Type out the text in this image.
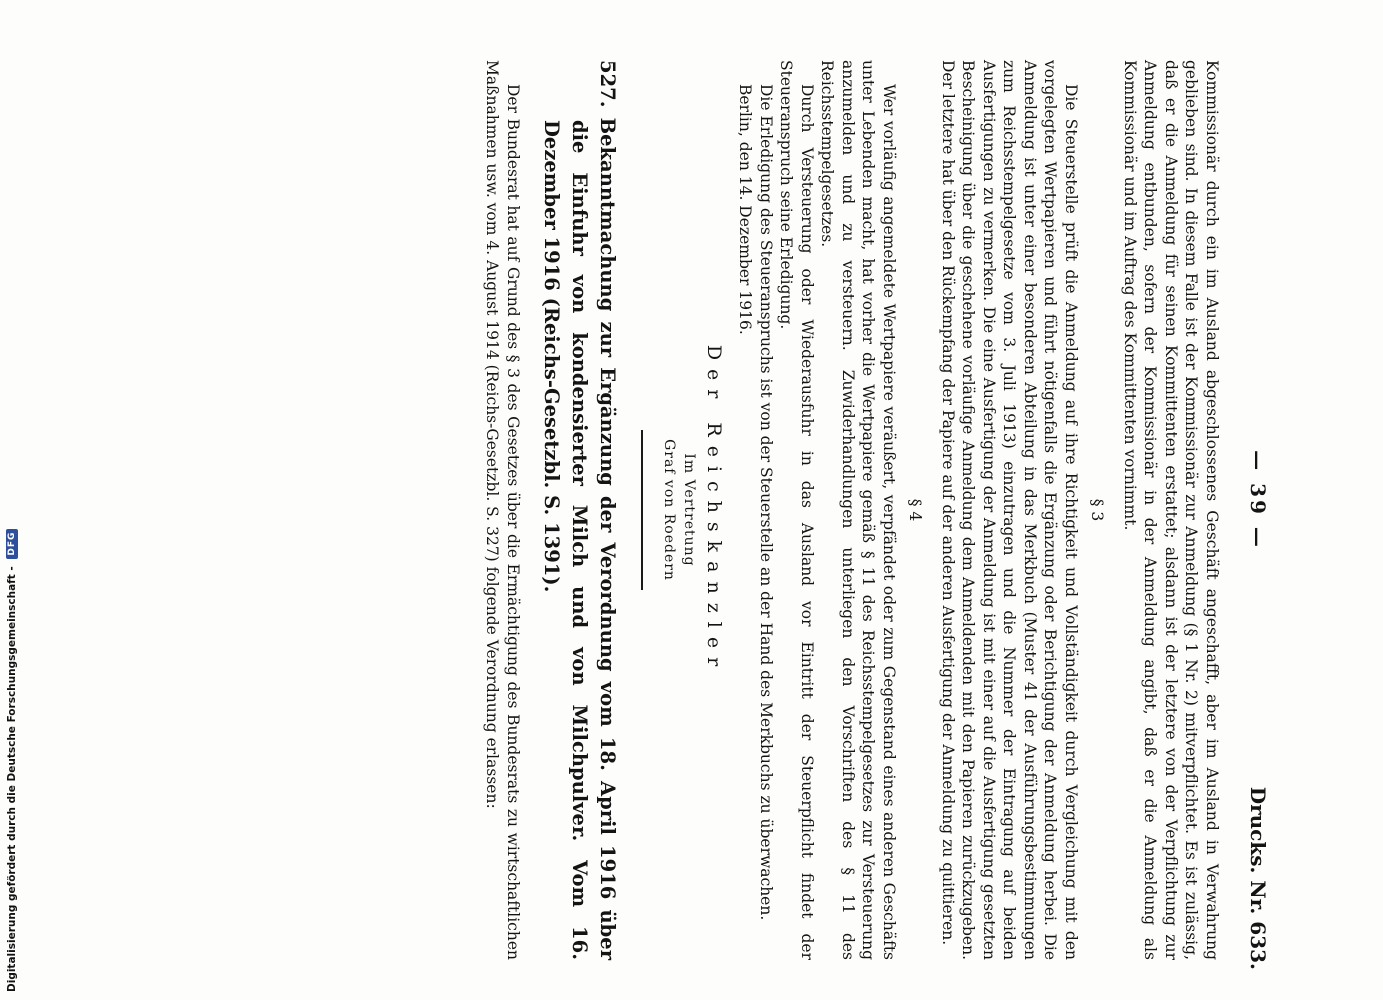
— 39 —
Drucks. Nr. 633.

Kommissionär durch ein im Ausland abgeschlossenes Geschäft angeschafft, aber im Ausland in Verwahrung geblieben sind. In diesem Falle ist der Kommissionär zur Anmeldung (§ 1 Nr. 2) mitverpflichtet. Es ist zulässig, daß er die Anmeldung für seinen Kommittenten erstattet; alsdann ist der letztere von der Verpflichtung zur Anmeldung entbunden, sofern der Kommissionär in der Anmeldung angibt, daß er die Anmeldung als Kommissionär und im Auftrag des Kommittenten vornimmt.

§ 3

Die Steuerstelle prüft die Anmeldung auf ihre Richtigkeit und Vollständigkeit durch Vergleichung mit den vorgelegten Wertpapieren und führt nötigenfalls die Ergänzung oder Berichtigung der Anmeldung herbei. Die Anmeldung ist unter einer besonderen Abteilung in das Merkbuch (Muster 41 der Ausführungsbestimmungen zum Reichsstempelgesetze vom 3. Juli 1913) einzutragen und die Nummer der Eintragung auf beiden Ausfertigungen zu vermerken. Die eine Ausfertigung der Anmeldung ist mit einer auf die Ausfertigung gesetzten Bescheinigung über die geschehene vorläufige Anmeldung dem Anmeldenden mit den Papieren zurückzugeben. Der letztere hat über den Rückempfang der Papiere auf der anderen Ausfertigung der Anmeldung zu quittieren.

§ 4

Wer vorläufig angemeldete Wertpapiere veräußert, verpfändet oder zum Gegenstand eines anderen Geschäfts unter Lebenden macht, hat vorher die Wertpapiere gemäß § 11 des Reichsstempelgesetzes zur Versteuerung anzumelden und zu versteuern. Zuwiderhandlungen unterliegen den Vorschriften des § 11 des Reichsstempelgesetzes.

Durch Versteuerung oder Wiederausfuhr in das Ausland vor Eintritt der Steuerpflicht findet der Steueranspruch seine Erledigung.

Die Erledigung des Steueranspruchs ist von der Steuerstelle an der Hand des Merkbuchs zu überwachen.

Berlin, den 14. Dezember 1916.

Der Reichskanzler
Im Vertretung
Graf von Roedern

527. Bekanntmachung zur Ergänzung der Verordnung vom 18. April 1916 über die Einfuhr von kondensierter Milch und von Milchpulver. Vom 16. Dezember 1916 (Reichs-Gesetzbl. S. 1391).

Der Bundesrat hat auf Grund des § 3 des Gesetzes über die Ermächtigung des Bundesrats zu wirtschaftlichen Maßnahmen usw. vom 4. August 1914 (Reichs-Gesetzbl. S. 327) folgende Verordnung erlassen:

Digitalisierung gefördert durch die Deutsche Forschungsgemeinschaft - DFG
